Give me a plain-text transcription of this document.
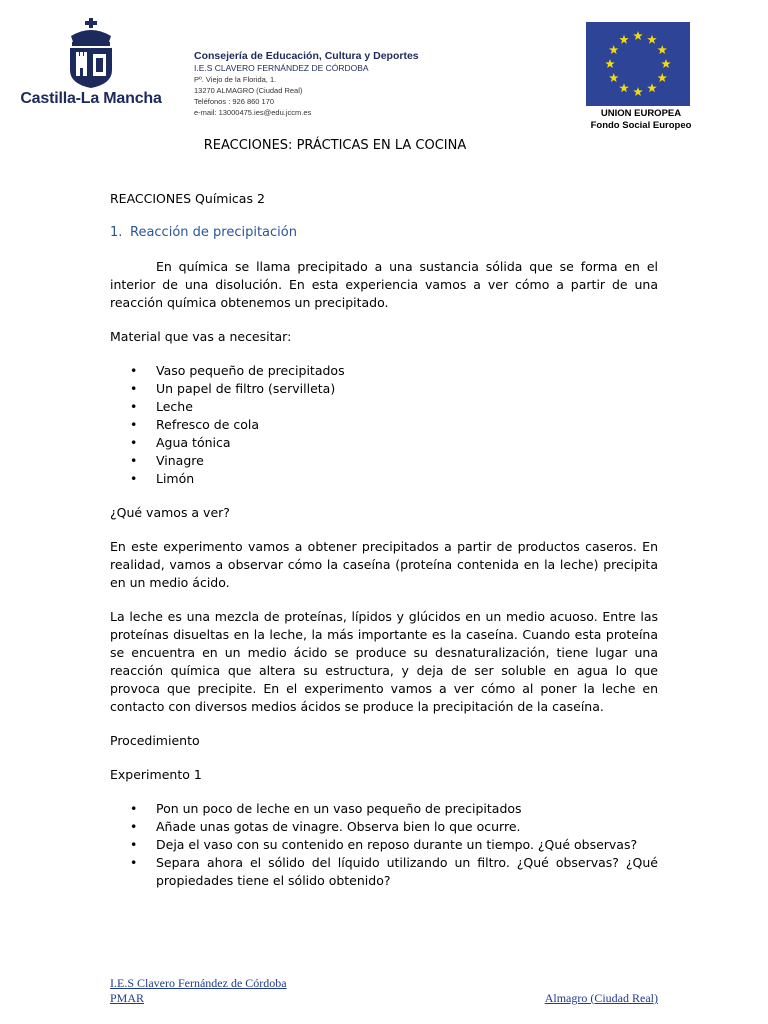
Castilla-La Mancha
Consejería de Educación, Cultura y Deportes
I.E.S CLAVERO FERNÁNDEZ DE CÓRDOBA
Pº. Viejo de la Florida, 1.
13270 ALMAGRO (Ciudad Real)
Teléfonos : 926 860 170
e-mail: 13000475.ies@edu.jccm.es	UNION EUROPEA
Fondo Social Europeo
REACCIONES: PRÁCTICAS EN LA COCINA

REACCIONES Químicas 2

1. Reacción de precipitación

En química se llama precipitado a una sustancia sólida que se forma en el interior de una disolución. En esta experiencia vamos a ver cómo a partir de una reacción química obtenemos un precipitado.

Material que vas a necesitar:

• Vaso pequeño de precipitados
• Un papel de filtro (servilleta)
• Leche
• Refresco de cola
• Agua tónica
• Vinagre
• Limón

¿Qué vamos a ver?

En este experimento vamos a obtener precipitados a partir de productos caseros. En realidad, vamos a observar cómo la caseína (proteína contenida en la leche) precipita en un medio ácido.

La leche es una mezcla de proteínas, lípidos y glúcidos en un medio acuoso. Entre las proteínas disueltas en la leche, la más importante es la caseína. Cuando esta proteína se encuentra en un medio ácido se produce su desnaturalización, tiene lugar una reacción química que altera su estructura, y deja de ser soluble en agua lo que provoca que precipite. En el experimento vamos a ver cómo al poner la leche en contacto con diversos medios ácidos se produce la precipitación de la caseína.

Procedimiento

Experimento 1

• Pon un poco de leche en un vaso pequeño de precipitados
• Añade unas gotas de vinagre. Observa bien lo que ocurre.
• Deja el vaso con su contenido en reposo durante un tiempo. ¿Qué observas?
• Separa ahora el sólido del líquido utilizando un filtro. ¿Qué observas? ¿Qué propiedades tiene el sólido obtenido?
I.E.S Clavero Fernández de Córdoba
PMAR	Almagro (Ciudad Real)
